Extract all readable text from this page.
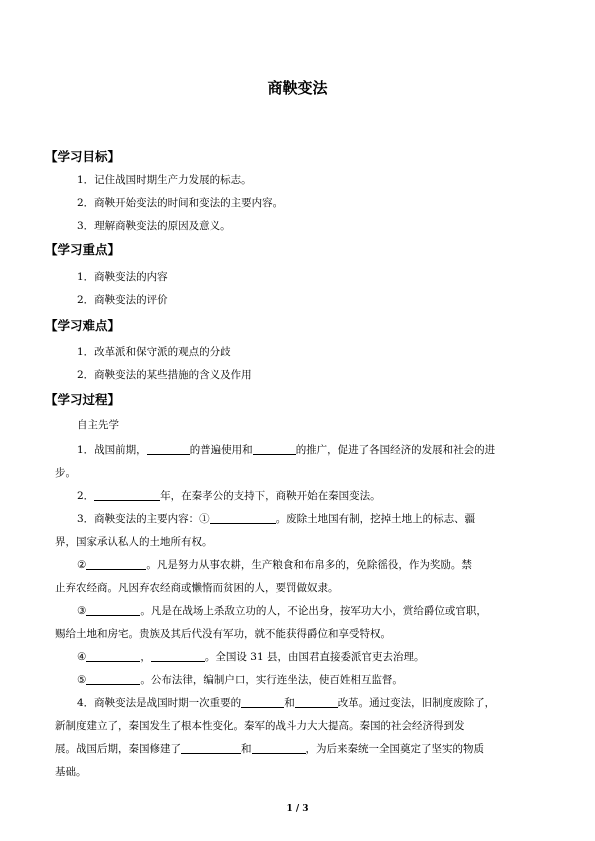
商鞅变法
【学习目标】
1．记住战国时期生产力发展的标志。
2．商鞅开始变法的时间和变法的主要内容。
3．理解商鞅变法的原因及意义。
【学习重点】
1．商鞅变法的内容
2．商鞅变法的评价
【学习难点】
1．改革派和保守派的观点的分歧
2．商鞅变法的某些措施的含义及作用
【学习过程】
自主先学
1．战国前期，	的普遍使用和	的推广，促进了各国经济的发展和社会的进
步。
2．	年，在秦孝公的支持下，商鞅开始在秦国变法。
3．商鞅变法的主要内容：①	。废除土地国有制，挖掉土地上的标志、疆
界，国家承认私人的土地所有权。
②	。凡是努力从事农耕，生产粮食和布帛多的，免除徭役，作为奖励。禁
止弃农经商。凡因弃农经商或懒惰而贫困的人，要罚做奴隶。
③	。凡是在战场上杀敌立功的人，不论出身，按军功大小，赏给爵位或官职，
赐给土地和房宅。贵族及其后代没有军功，就不能获得爵位和享受特权。
④	，	。全国设 31 县，由国君直接委派官吏去治理。
⑤	。公布法律，编制户口，实行连坐法，使百姓相互监督。
4．商鞅变法是战国时期一次重要的	和	改革。通过变法，旧制度废除了，
新制度建立了，秦国发生了根本性变化。秦军的战斗力大大提高。秦国的社会经济得到发
展。战国后期，秦国修建了	和	，为后来秦统一全国奠定了坚实的物质
基础。
1 / 3
